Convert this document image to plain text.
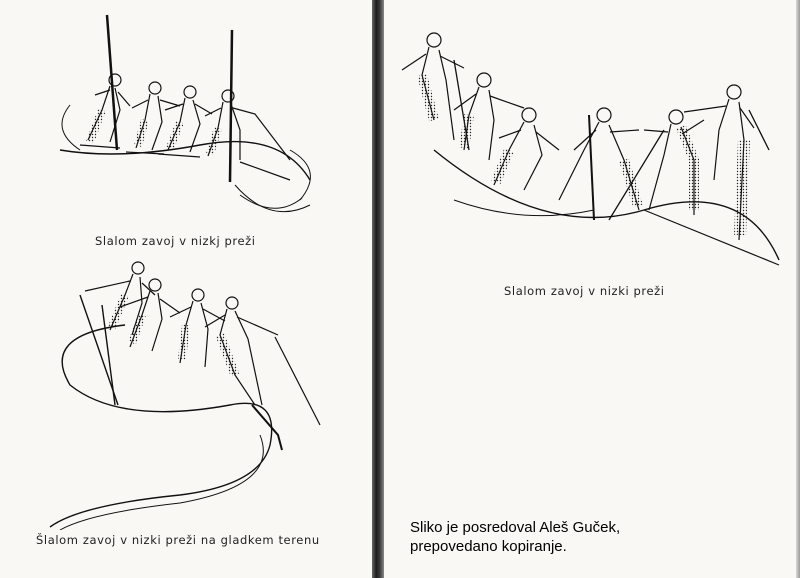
Slalom zavoj v nizkj preži
Šlalom zavoj v nizki preži na gladkem terenu
Slalom zavoj v nizki preži
Sliko je posredoval Aleš Guček,
prepovedano kopiranje.
